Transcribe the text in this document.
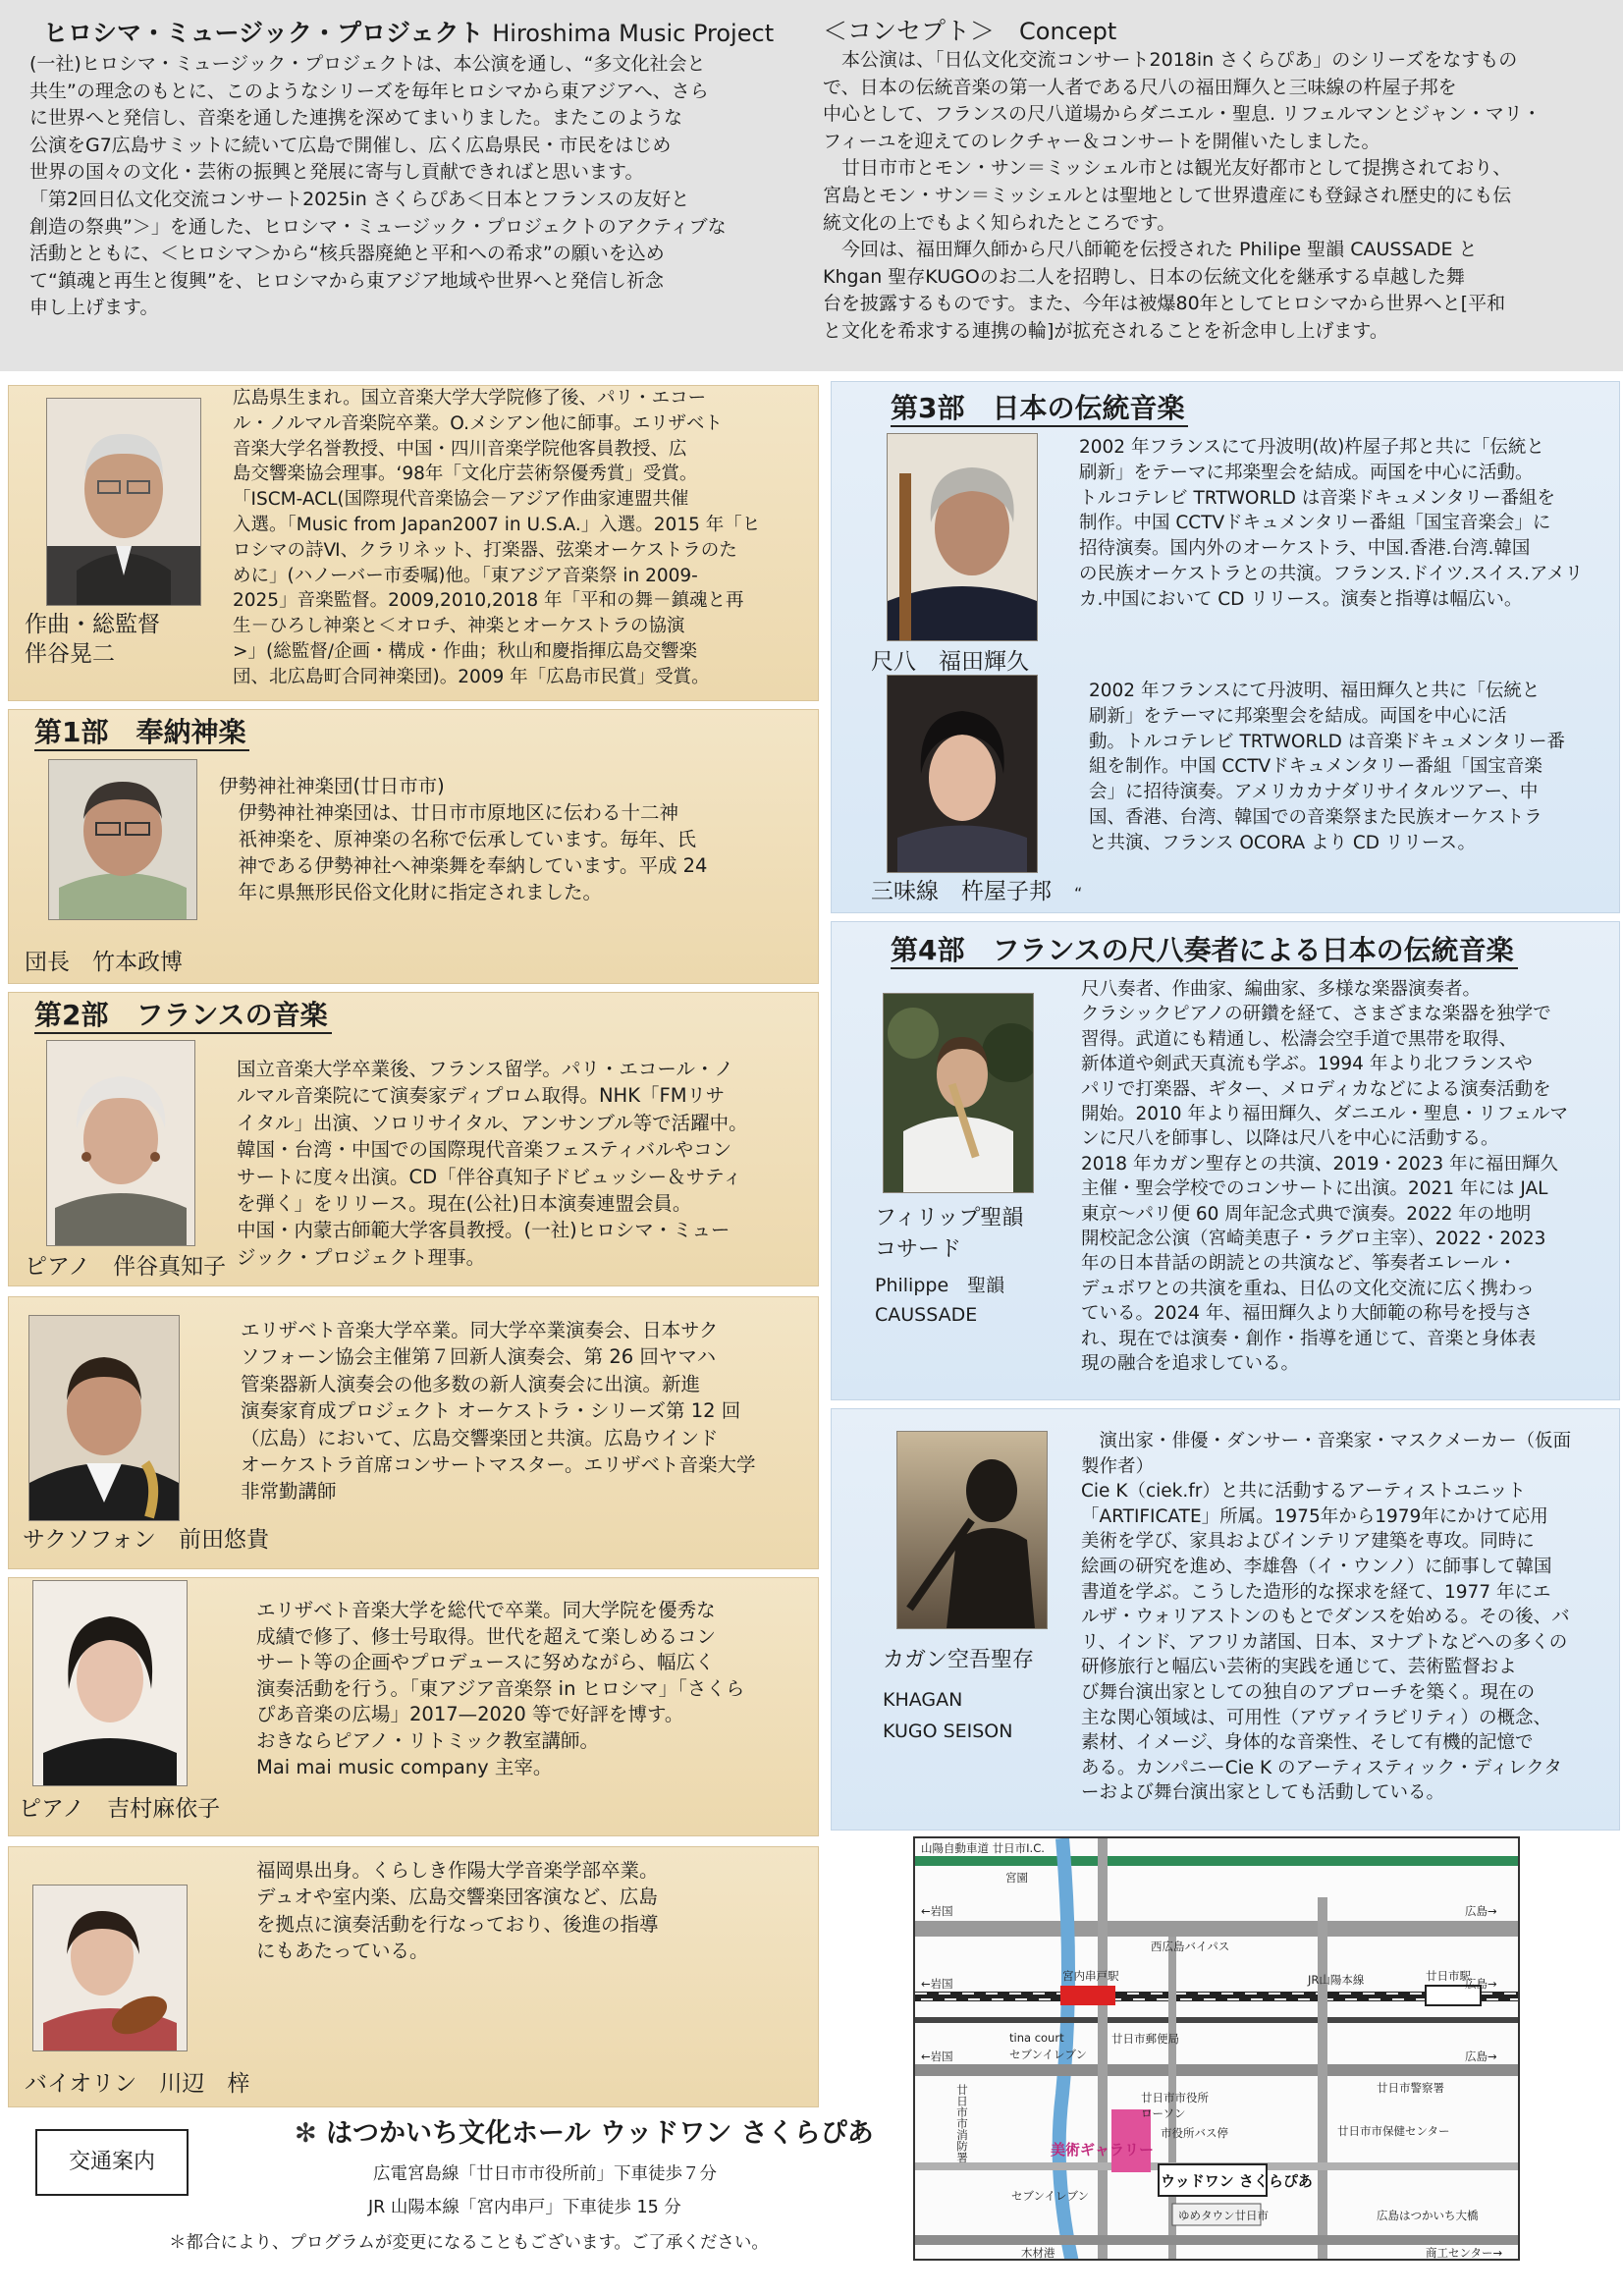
ヒロシマ・ミュージック・プロジェクト Hiroshima Music Project

(一社)ヒロシマ・ミュージック・プロジェクトは、本公演を通し、“多文化社会と
共生”の理念のもとに、このようなシリーズを毎年ヒロシマから東アジアへ、さら
に世界へと発信し、音楽を通した連携を深めてまいりました。またこのような
公演をG7広島サミットに続いて広島で開催し、広く広島県民・市民をはじめ
世界の国々の文化・芸術の振興と発展に寄与し貢献できればと思います。
「第2回日仏文化交流コンサート2025in さくらぴあ＜日本とフランスの友好と
創造の祭典”＞」を通した、ヒロシマ・ミュージック・プロジェクトのアクティブな
活動とともに、＜ヒロシマ＞から“核兵器廃絶と平和への希求”の願いを込め
て“鎮魂と再生と復興”を、ヒロシマから東アジア地域や世界へと発信し祈念
申し上げます。

＜コンセプト＞　 Concept

　本公演は、「日仏文化交流コンサート2018in さくらぴあ」のシリーズをなすもの
で、日本の伝統音楽の第一人者である尺八の福田輝久と三味線の杵屋子邦を
中心として、フランスの尺八道場からダニエル・聖息. リフェルマンとジャン・マリ・
フィーユを迎えてのレクチャー＆コンサートを開催いたしました。
　廿日市市とモン・サン＝ミッシェル市とは観光友好都市として提携されており、
宮島とモン・サン＝ミッシェルとは聖地として世界遺産にも登録され歴史的にも伝
統文化の上でもよく知られたところです。
　今回は、福田輝久師から尺八師範を伝授された Philipe 聖韻 CAUSSADE と
Khgan 聖存KUGOのお二人を招聘し、日本の伝統文化を継承する卓越した舞
台を披露するものです。また、今年は被爆80年としてヒロシマから世界へと[平和
と文化を希求する連携の輪]が拡充されることを祈念申し上げます。

作曲・総監督
伴谷晃二

広島県生まれ。国立音楽大学大学院修了後、パリ・エコー
ル・ノルマル音楽院卒業。O.メシアン他に師事。エリザベト
音楽大学名誉教授、中国・四川音楽学院他客員教授、広
島交響楽協会理事。‘98年「文化庁芸術祭優秀賞」受賞。
「ISCM-ACL(国際現代音楽協会－アジア作曲家連盟共催
入選。「Music from Japan2007 in U.S.A.」入選。2015 年「ヒ
ロシマの詩Ⅵ、クラリネット、打楽器、弦楽オーケストラのた
めに」(ハノーバー市委嘱)他。「東アジア音楽祭 in 2009-
2025」音楽監督。2009,2010,2018 年「平和の舞－鎮魂と再
生－ひろし神楽と＜オロチ、神楽とオーケストラの協演
>」(総監督/企画・構成・作曲；秋山和慶指揮広島交響楽
団、北広島町合同神楽団)。2009 年「広島市民賞」受賞。

第1部　奉納神楽
団長　 竹本政博

伊勢神社神楽団(廿日市市)
　伊勢神社神楽団は、廿日市市原地区に伝わる十二神
　祇神楽を、原神楽の名称で伝承しています。毎年、氏
　神である伊勢神社へ神楽舞を奉納しています。平成 24
　年に県無形民俗文化財に指定されました。

第2部　フランスの音楽
ピアノ　 伴谷真知子

国立音楽大学卒業後、フランス留学。パリ・エコール・ノ
ルマル音楽院にて演奏家ディプロム取得。NHK「FMリサ
イタル」出演、ソロリサイタル、アンサンブル等で活躍中。
韓国・台湾・中国での国際現代音楽フェスティバルやコン
サートに度々出演。CD「伴谷真知子ドビュッシー＆サティ
を弾く」をリリース。現在(公社)日本演奏連盟会員。
中国・内蒙古師範大学客員教授。(一社)ヒロシマ・ミュー
ジック・プロジェクト理事。

サクソフォン　 前田悠貴

エリザベト音楽大学卒業。同大学卒業演奏会、日本サク
ソフォーン協会主催第７回新人演奏会、第 26 回ヤマハ
管楽器新人演奏会の他多数の新人演奏会に出演。新進
演奏家育成プロジェクト オーケストラ・シリーズ第 12 回
（広島）において、広島交響楽団と共演。広島ウインド
オーケストラ首席コンサートマスター。エリザベト音楽大学
非常勤講師

ピアノ　 吉村麻依子

エリザベト音楽大学を総代で卒業。同大学院を優秀な
成績で修了、修士号取得。世代を超えて楽しめるコン
サート等の企画やプロデュースに努めながら、幅広く
演奏活動を行う。「東アジア音楽祭 in ヒロシマ」「さくら
ぴあ音楽の広場」2017—2020 等で好評を博す。
おきならピアノ・リトミック教室講師。
Mai mai music company 主宰。

バイオリン　 川辺　梓

福岡県出身。くらしき作陽大学音楽学部卒業。
デュオや室内楽、広島交響楽団客演など、広島
を拠点に演奏活動を行なっており、後進の指導
にもあたっている。

第3部　日本の伝統音楽
尺八　 福田輝久

2002 年フランスにて丹波明(故)杵屋子邦と共に「伝統と
刷新」をテーマに邦楽聖会を結成。両国を中心に活動。
トルコテレビ TRTWORLD は音楽ドキュメンタリー番組を
制作。中国 CCTVドキュメンタリー番組「国宝音楽会」に
招待演奏。国内外のオーケストラ、中国.香港.台湾.韓国
の民族オーケストラとの共演。フランス.ドイツ.スイス.アメリ
カ.中国において CD リリース。演奏と指導は幅広い。

三味線　 杵屋子邦　 “

2002 年フランスにて丹波明、福田輝久と共に「伝統と
刷新」をテーマに邦楽聖会を結成。両国を中心に活
動。トルコテレビ TRTWORLD は音楽ドキュメンタリー番
組を制作。中国 CCTVドキュメンタリー番組「国宝音楽
会」に招待演奏。アメリカカナダリサイタルツアー、中
国、香港、台湾、韓国での音楽祭また民族オーケストラ
と共演、フランス OCORA より CD リリース。

第4部　フランスの尺八奏者による日本の伝統音楽
フィリップ聖韻
コサード
Philippe　聖韻
CAUSSADE

尺八奏者、作曲家、編曲家、多様な楽器演奏者。
クラシックピアノの研鑽を経て、さまざまな楽器を独学で
習得。武道にも精通し、松濤会空手道で黒帯を取得、
新体道や剣武天真流も学ぶ。1994 年より北フランスや
パリで打楽器、ギター、メロディカなどによる演奏活動を
開始。2010 年より福田輝久、ダニエル・聖息・リフェルマ
ンに尺八を師事し、以降は尺八を中心に活動する。
2018 年カガン聖存との共演、2019・2023 年に福田輝久
主催・聖会学校でのコンサートに出演。2021 年には JAL
東京～パリ便 60 周年記念式典で演奏。2022 年の地明
開校記念公演（宮崎美恵子・ラグロ主宰）、2022・2023
年の日本昔話の朗読との共演など、筝奏者エレール・
デュボワとの共演を重ね、日仏の文化交流に広く携わっ
ている。2024 年、福田輝久より大師範の称号を授与さ
れ、現在では演奏・創作・指導を通じて、音楽と身体表
現の融合を追求している。

カガン空吾聖存
KHAGAN
KUGO SEISON

　演出家・俳優・ダンサー・音楽家・マスクメーカー（仮面
製作者）
Cie K（ciek.fr）と共に活動するアーティストユニット
「ARTIFICATE」所属。1975年から1979年にかけて応用
美術を学び、家具およびインテリア建築を専攻。同時に
絵画の研究を進め、李雄魯（イ・ウンノ）に師事して韓国
書道を学ぶ。こうした造形的な探求を経て、1977 年にエ
ルザ・ウォリアストンのもとでダンスを始める。その後、バ
リ、インド、アフリカ諸国、日本、ヌナブトなどへの多くの
研修旅行と幅広い芸術的実践を通じて、芸術監督およ
び舞台演出家としての独自のアプローチを築く。現在の
主な関心領域は、可用性（アヴァイラビリティ）の概念、
素材、イメージ、身体的な音楽性、そして有機的記憶で
ある。カンパニーCie K のアーティスティック・ディレクタ
ーおよび舞台演出家としても活動している。

交通案内
✻ はつかいち文化ホール ウッドワン さくらぴあ
広電宮島線「廿日市市役所前」下車徒歩７分
JR 山陽本線「宮内串戸」下車徒歩 15 分
＊都合により、プログラムが変更になることもございます。ご了承ください。
山陽自動車道 廿日市I.C.
宮園
←岩国
西広島バイパス
広島→
宮内串戸駅	JR山陽本線	廿日市駅
広島→
←岩国
tina court
セブンイレブン
廿日市郵便局
←岩国	広島→
廿日市警察署
廿日市市役所
ローソン
市役所バス停	廿日市市保健センター
廿日市市消防署	美術ギャラリー
ウッドワン さくらぴあ
ゆめタウン廿日市
セブンイレブン
広島はつかいち大橋
商工センター→
木材港
